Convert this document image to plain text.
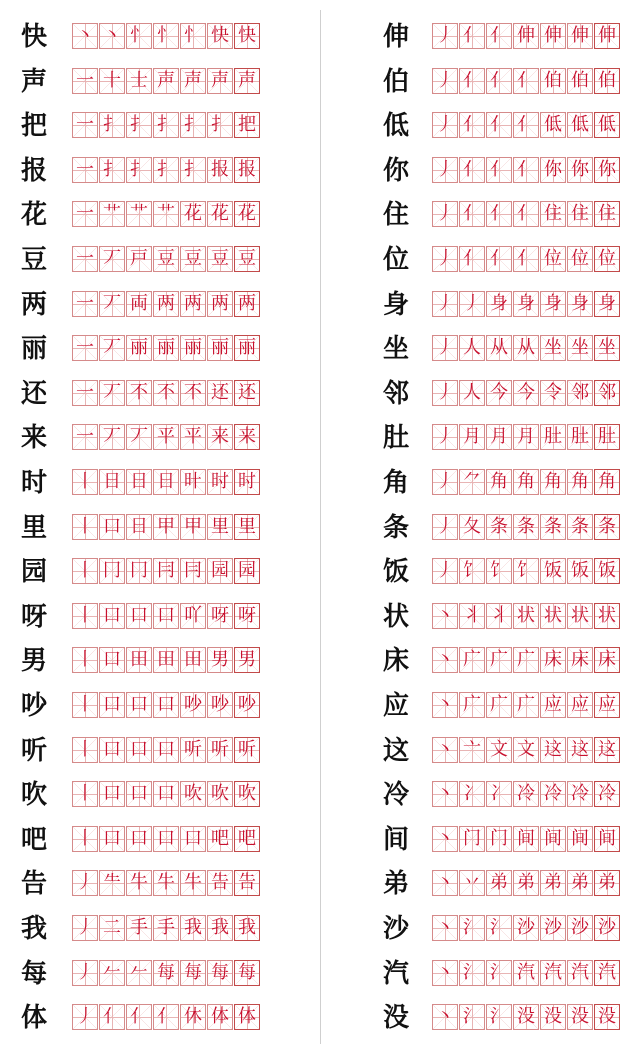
快	丶 丶 忄 忄 忄 快 快
声	一 十 士 声 声 声 声
把	一 扌 扌 扌 扌 扌 把
报	一 扌 扌 扌 扌 报 报
花	一 艹 艹 艹 花 花 花
豆	一 丆 戸 豆 豆 豆 豆
两	一 丆 両 两 两 两 两
丽	一 丆 丽 丽 丽 丽 丽
还	一 丆 不 不 不 还 还
来	一 丆 丆 平 平 来 来
时	丨 日 日 日 旪 时 时
里	丨 口 日 甲 甲 里 里
园	丨 冂 冂 冃 冃 园 园
呀	丨 口 口 口 吖 呀 呀
男	丨 口 田 田 田 男 男
吵	丨 口 口 口 吵 吵 吵
听	丨 口 口 口 听 听 听
吹	丨 口 口 口 吹 吹 吹
吧	丨 口 口 口 口 吧 吧
告	丿 ⺧ 牛 牛 牛 告 告
我	丿 二 手 手 我 我 我
每	丿 𠂉 𠂉 每 每 每 每
体	丿 亻 亻 亻 休 体 体
伸	丿 亻 亻 伸 伸 伸 伸
伯	丿 亻 亻 亻 伯 伯 伯
低	丿 亻 亻 亻 低 低 低
你	丿 亻 亻 亻 你 你 你
住	丿 亻 亻 亻 住 住 住
位	丿 亻 亻 亻 位 位 位
身	丿 丿 身 身 身 身 身
坐	丿 人 从 从 坐 坐 坐
邻	丿 人 今 今 令 邻 邻
肚	丿 月 月 月 肚 肚 肚
角	丿 ⺈ 角 角 角 角 角
条	丿 夂 条 条 条 条 条
饭	丿 饣 饣 饣 饭 饭 饭
状	丶 丬 丬 状 状 状 状
床	丶 广 广 广 床 床 床
应	丶 广 广 广 应 应 应
这	丶 亠 文 文 这 这 这
冷	丶 冫 冫 冷 冷 冷 冷
间	丶 门 门 间 间 间 间
弟	丶 丷 弟 弟 弟 弟 弟
沙	丶 氵 氵 沙 沙 沙 沙
汽	丶 氵 氵 汽 汽 汽 汽
没	丶 氵 氵 没 没 没 没
